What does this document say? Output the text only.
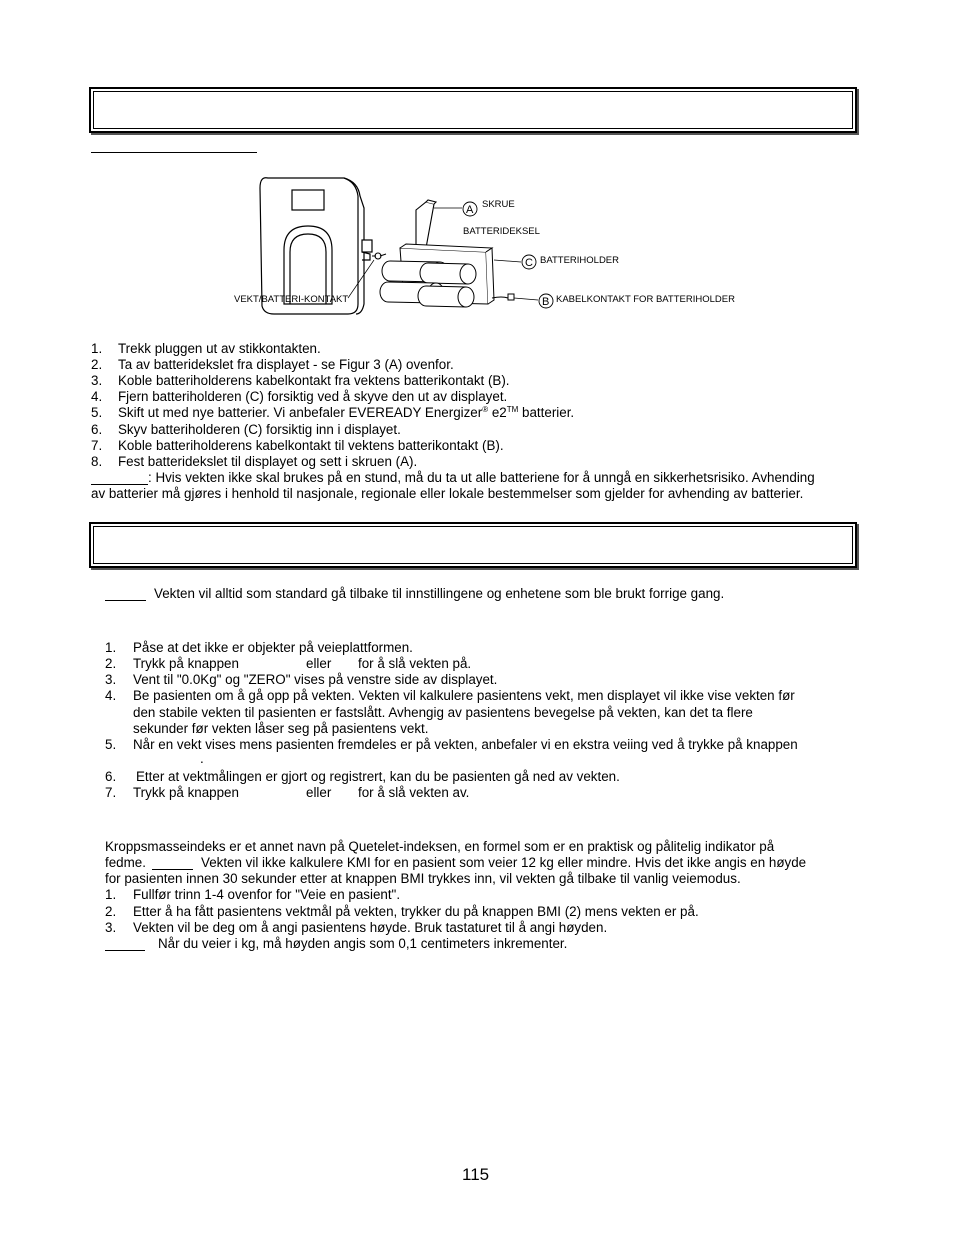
A SKRUE
BATTERIDEKSEL
C BATTERIHOLDER
B KABELKONTAKT FOR BATTERIHOLDER
VEKT/BATTERI-KONTAKT
1. Trekk pluggen ut av stikkontakten.
2. Ta av batteridekslet fra displayet - se Figur 3 (A) ovenfor.
3. Koble batteriholderens kabelkontakt fra vektens batterikontakt (B).
4. Fjern batteriholderen (C) forsiktig ved å skyve den ut av displayet.
5. Skift ut med nye batterier. Vi anbefaler EVEREADY Energizer® e2™ batterier.
6. Skyv batteriholderen (C) forsiktig inn i displayet.
7. Koble batteriholderens kabelkontakt til vektens batterikontakt (B).
8. Fest batteridekslet til displayet og sett i skruen (A).
: Hvis vekten ikke skal brukes på en stund, må du ta ut alle batteriene for å unngå en sikkerhetsrisiko. Avhending
av batterier må gjøres i henhold til nasjonale, regionale eller lokale bestemmelser som gjelder for avhending av batterier.
Vekten vil alltid som standard gå tilbake til innstillingene og enhetene som ble brukt forrige gang.
1. Påse at det ikke er objekter på veieplattformen.
2. Trykk på knappen	eller for å slå vekten på.
3. Vent til "0.0Kg" og "ZERO" vises på venstre side av displayet.
4. Be pasienten om å gå opp på vekten. Vekten vil kalkulere pasientens vekt, men displayet vil ikke vise vekten før
den stabile vekten til pasienten er fastslått. Avhengig av pasientens bevegelse på vekten, kan det ta flere
sekunder før vekten låser seg på pasientens vekt.
5. Når en vekt vises mens pasienten fremdeles er på vekten, anbefaler vi en ekstra veiing ved å trykke på knappen
.
6. Etter at vektmålingen er gjort og registrert, kan du be pasienten gå ned av vekten.
7. Trykk på knappen	eller for å slå vekten av.
Kroppsmasseindeks er et annet navn på Quetelet-indeksen, en formel som er en praktisk og pålitelig indikator på
fedme.	Vekten vil ikke kalkulere KMI for en pasient som veier 12 kg eller mindre. Hvis det ikke angis en høyde
for pasienten innen 30 sekunder etter at knappen BMI trykkes inn, vil vekten gå tilbake til vanlig veiemodus.
1. Fullfør trinn 1-4 ovenfor for "Veie en pasient".
2. Etter å ha fått pasientens vektmål på vekten, trykker du på knappen BMI (2) mens vekten er på.
3. Vekten vil be deg om å angi pasientens høyde. Bruk tastaturet til å angi høyden.
Når du veier i kg, må høyden angis som 0,1 centimeters inkrementer.
115
